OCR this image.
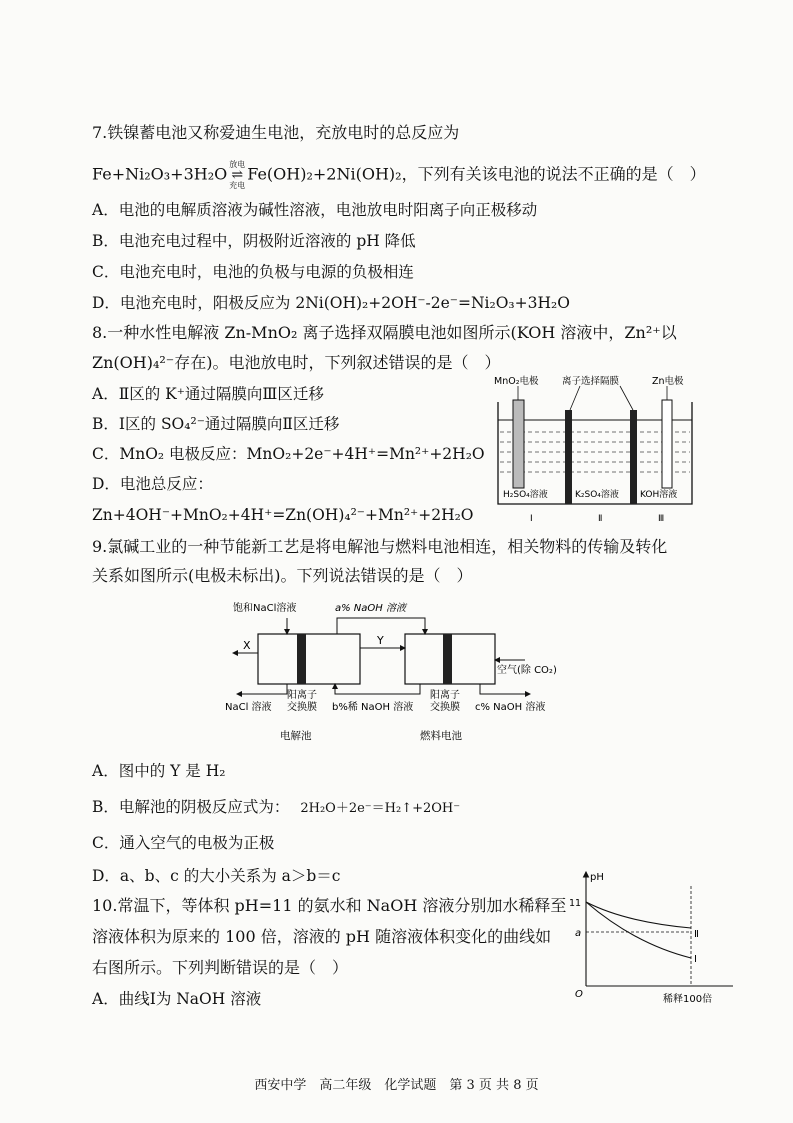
7.铁镍蓄电池又称爱迪生电池，充放电时的总反应为
Fe+Ni₂O₃+3H₂O 放电
⇌
充电
Fe(OH)₂+2Ni(OH)₂，下列有关该电池的说法不正确的是（　）
A．电池的电解质溶液为碱性溶液，电池放电时阳离子向正极移动
B．电池充电过程中，阴极附近溶液的 pH 降低
C．电池充电时，电池的负极与电源的负极相连
D．电池充电时，阳极反应为 2Ni(OH)₂+2OH⁻-2e⁻=Ni₂O₃+3H₂O
8.一种水性电解液 Zn-MnO₂ 离子选择双隔膜电池如图所示(KOH 溶液中，Zn²⁺以
Zn(OH)₄²⁻存在)。电池放电时，下列叙述错误的是（　）
A．Ⅱ区的 K⁺通过隔膜向Ⅲ区迁移
B．Ⅰ区的 SO₄²⁻通过隔膜向Ⅱ区迁移
C．MnO₂ 电极反应：MnO₂+2e⁻+4H⁺=Mn²⁺+2H₂O
D．电池总反应：
Zn+4OH⁻+MnO₂+4H⁺=Zn(OH)₄²⁻+Mn²⁺+2H₂O
MnO₂电极 离子选择隔膜	Zn电极
H₂SO₄溶液	K₂SO₄溶液 KOH溶液
Ⅰ	Ⅱ	Ⅲ
9.氯碱工业的一种节能新工艺是将电解池与燃料电池相连，相关物料的传输及转化
关系如图所示(电极未标出)。下列说法错误的是（　）
饱和NaCl溶液	a% NaOH 溶液
X	Y
空气(除 CO₂)
NaCl 溶液
阳离子
交换膜 b%稀 NaOH 溶液
阳离子
交换膜 c% NaOH 溶液
电解池	燃料电池
A．图中的 Y 是 H₂
B．电解池的阴极反应式为： 2H₂O＋2e⁻＝H₂↑+2OH⁻
C．通入空气的电极为正极
D．a、b、c 的大小关系为 a＞b＝c
10.常温下，等体积 pH=11 的氨水和 NaOH 溶液分别加水稀释至
溶液体积为原来的 100 倍，溶液的 pH 随溶液体积变化的曲线如
右图所示。下列判断错误的是（　）
A．曲线Ⅰ为 NaOH 溶液
pH
11
a
O	稀释100倍
Ⅱ
Ⅰ
西安中学　高二年级　化学试题　第 3 页 共 8 页
